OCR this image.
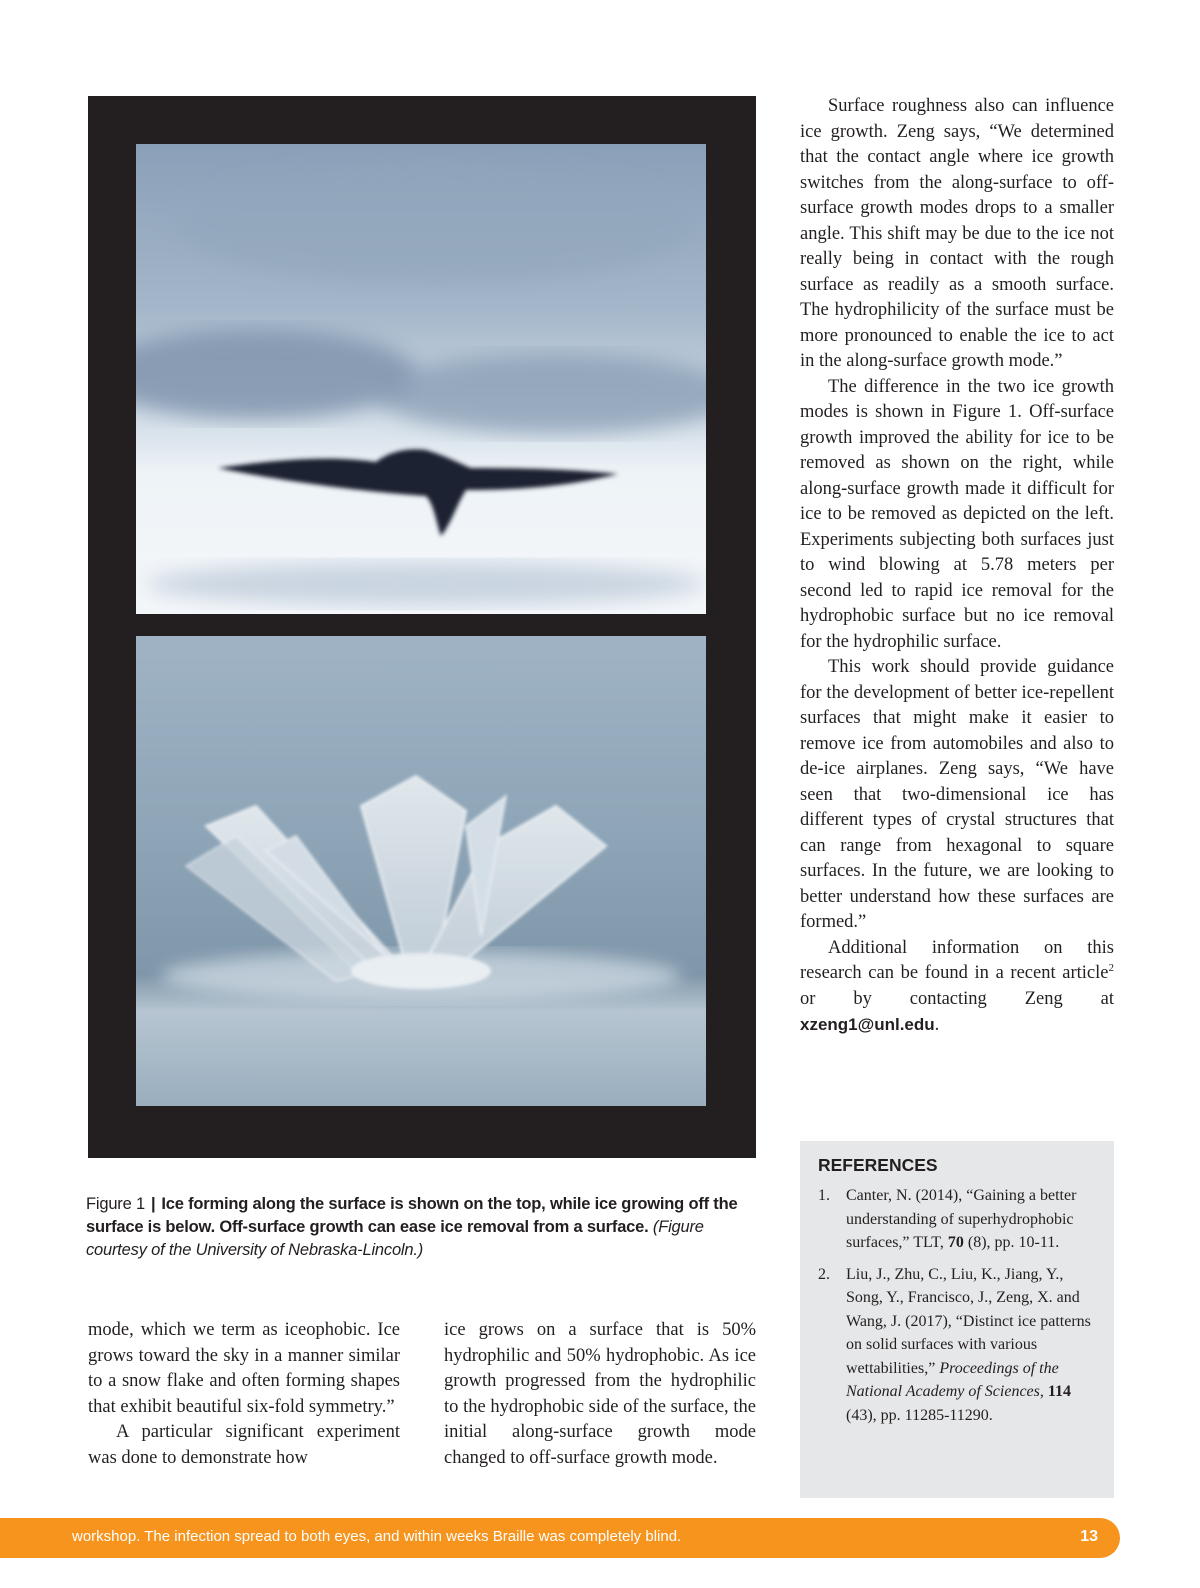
Figure 1 | Ice forming along the surface is shown on the top, while ice growing off the surface is below. Off-surface growth can ease ice removal from a surface. (Figure courtesy of the University of Nebraska-Lincoln.)

Surface roughness also can influence ice growth. Zeng says, “We determined that the contact angle where ice growth switches from the along-surface to off-surface growth modes drops to a smaller angle. This shift may be due to the ice not really being in contact with the rough surface as readily as a smooth surface. The hydrophilicity of the surface must be more pronounced to enable the ice to act in the along-surface growth mode.”

The difference in the two ice growth modes is shown in Figure 1. Off-surface growth improved the ability for ice to be removed as shown on the right, while along-surface growth made it difficult for ice to be removed as depicted on the left. Experiments subjecting both surfaces just to wind blowing at 5.78 meters per second led to rapid ice removal for the hydrophobic surface but no ice removal for the hydrophilic surface.

This work should provide guidance for the development of better ice-repellent surfaces that might make it easier to remove ice from automobiles and also to de-ice airplanes. Zeng says, “We have seen that two-dimensional ice has different types of crystal structures that can range from hexagonal to square surfaces. In the future, we are looking to better understand how these surfaces are formed.”

Additional information on this research can be found in a recent article$^2$ or by contacting Zeng at xzeng1@unl.edu.

mode, which we term as iceophobic. Ice grows toward the sky in a manner similar to a snow flake and often forming shapes that exhibit beautiful six-fold symmetry.”

A particular significant experiment was done to demonstrate how

ice grows on a surface that is 50% hydrophilic and 50% hydrophobic. As ice growth progressed from the hydrophilic to the hydrophobic side of the surface, the initial along-surface growth mode changed to off-surface growth mode.

REFERENCES
1. Canter, N. (2014), “Gaining a better understanding of superhydrophobic surfaces,” TLT, 70 (8), pp. 10-11.
2. Liu, J., Zhu, C., Liu, K., Jiang, Y., Song, Y., Francisco, J., Zeng, X. and Wang, J. (2017), “Distinct ice patterns on solid surfaces with various wettabilities,” Proceedings of the National Academy of Sciences, 114 (43), pp. 11285-11290.
workshop. The infection spread to both eyes, and within weeks Braille was completely blind.	13
